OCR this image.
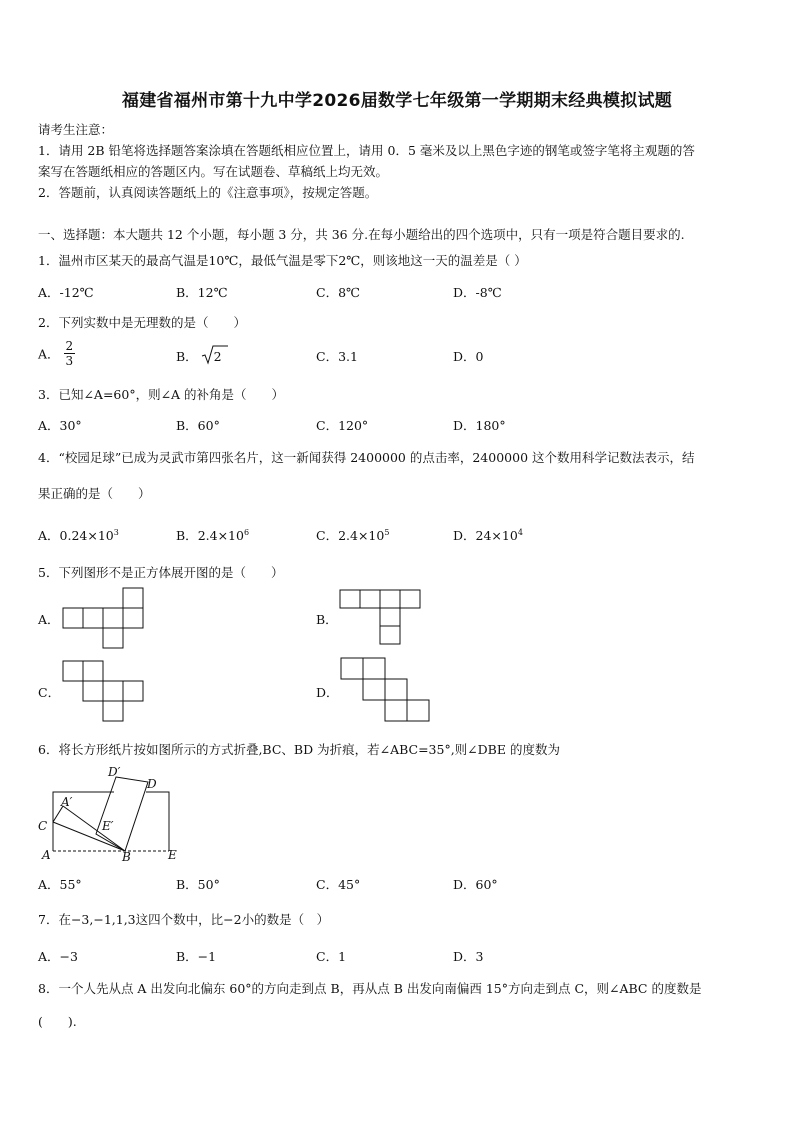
福建省福州市第十九中学2026届数学七年级第一学期期末经典模拟试题
请考生注意：
1．请用 2B 铅笔将选择题答案涂填在答题纸相应位置上，请用 0．5 毫米及以上黑色字迹的钢笔或签字笔将主观题的答
案写在答题纸相应的答题区内。写在试题卷、草稿纸上均无效。
2．答题前，认真阅读答题纸上的《注意事项》，按规定答题。
一、选择题：本大题共 12 个小题，每小题 3 分，共 36 分.在每小题给出的四个选项中，只有一项是符合题目要求的.
1．温州市区某天的最高气温是10℃，最低气温是零下2℃，则该地这一天的温差是（ ）
A．-12℃	B．12℃	C．8℃	D．-8℃
2．下列实数中是无理数的是（　　）
A． $\frac{2}{3}$	B． 2	C．3.1	D．0
3．已知∠A=60°，则∠A 的补角是（　　）
A．30°	B．60°	C．120°	D．180°
4．“校园足球”已成为灵武市第四张名片，这一新闻获得 2400000 的点击率，2400000 这个数用科学记数法表示，结
果正确的是（　　）
A．$0.24\times 10^3$	B．$2.4\times 10^6$	C．$2.4\times 10^5$	D．$24\times 10^4$
5．下列图形不是正方体展开图的是（　　）
A．	B．
C．	D．
6．将长方形纸片按如图所示的方式折叠,BC、BD 为折痕，若∠ABC=35°,则∠DBE 的度数为
D′
D
A′
E′
C
A	B	E
A．55°	B．50°	C．45°	D．60°
7．在−3,−1,1,3这四个数中，比−2小的数是（　）
A．−3	B．−1	C．1	D．3
8．一个人先从点 A 出发向北偏东 60°的方向走到点 B，再从点 B 出发向南偏西 15°方向走到点 C，则∠ABC 的度数是
(　　).
